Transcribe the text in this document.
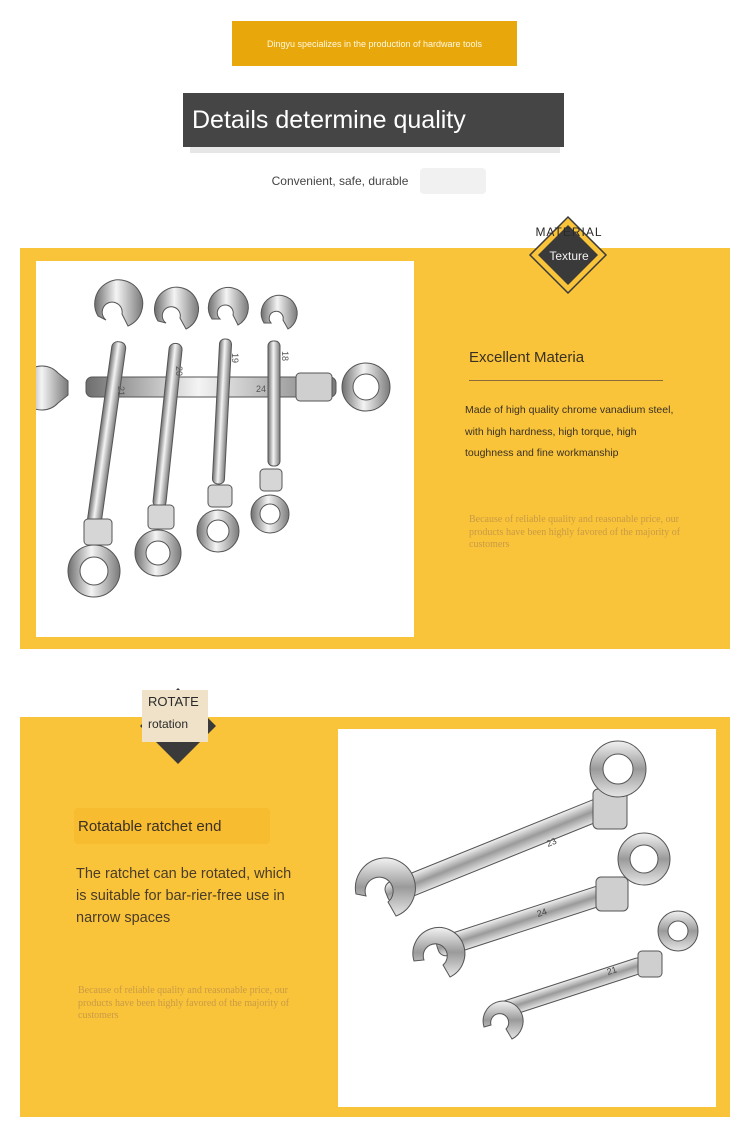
Dingyu specializes in the production of hardware tools
Details determine quality
Convenient, safe, durable
24
21
20
19	18
MATERIAL
Texture
Excellent Materia
Made of high quality chrome vanadium steel, with high hardness, high torque, high toughness and fine workmanship
Because of reliable quality and reasonable price, our products have been highly favored of the majority of customers
23
24
21
ROTATE
rotation
Rotatable ratchet end
The ratchet can be rotated, which is suitable for bar-rier-free use in narrow spaces
Because of reliable quality and reasonable price, our products have been highly favored of the majority of customers
